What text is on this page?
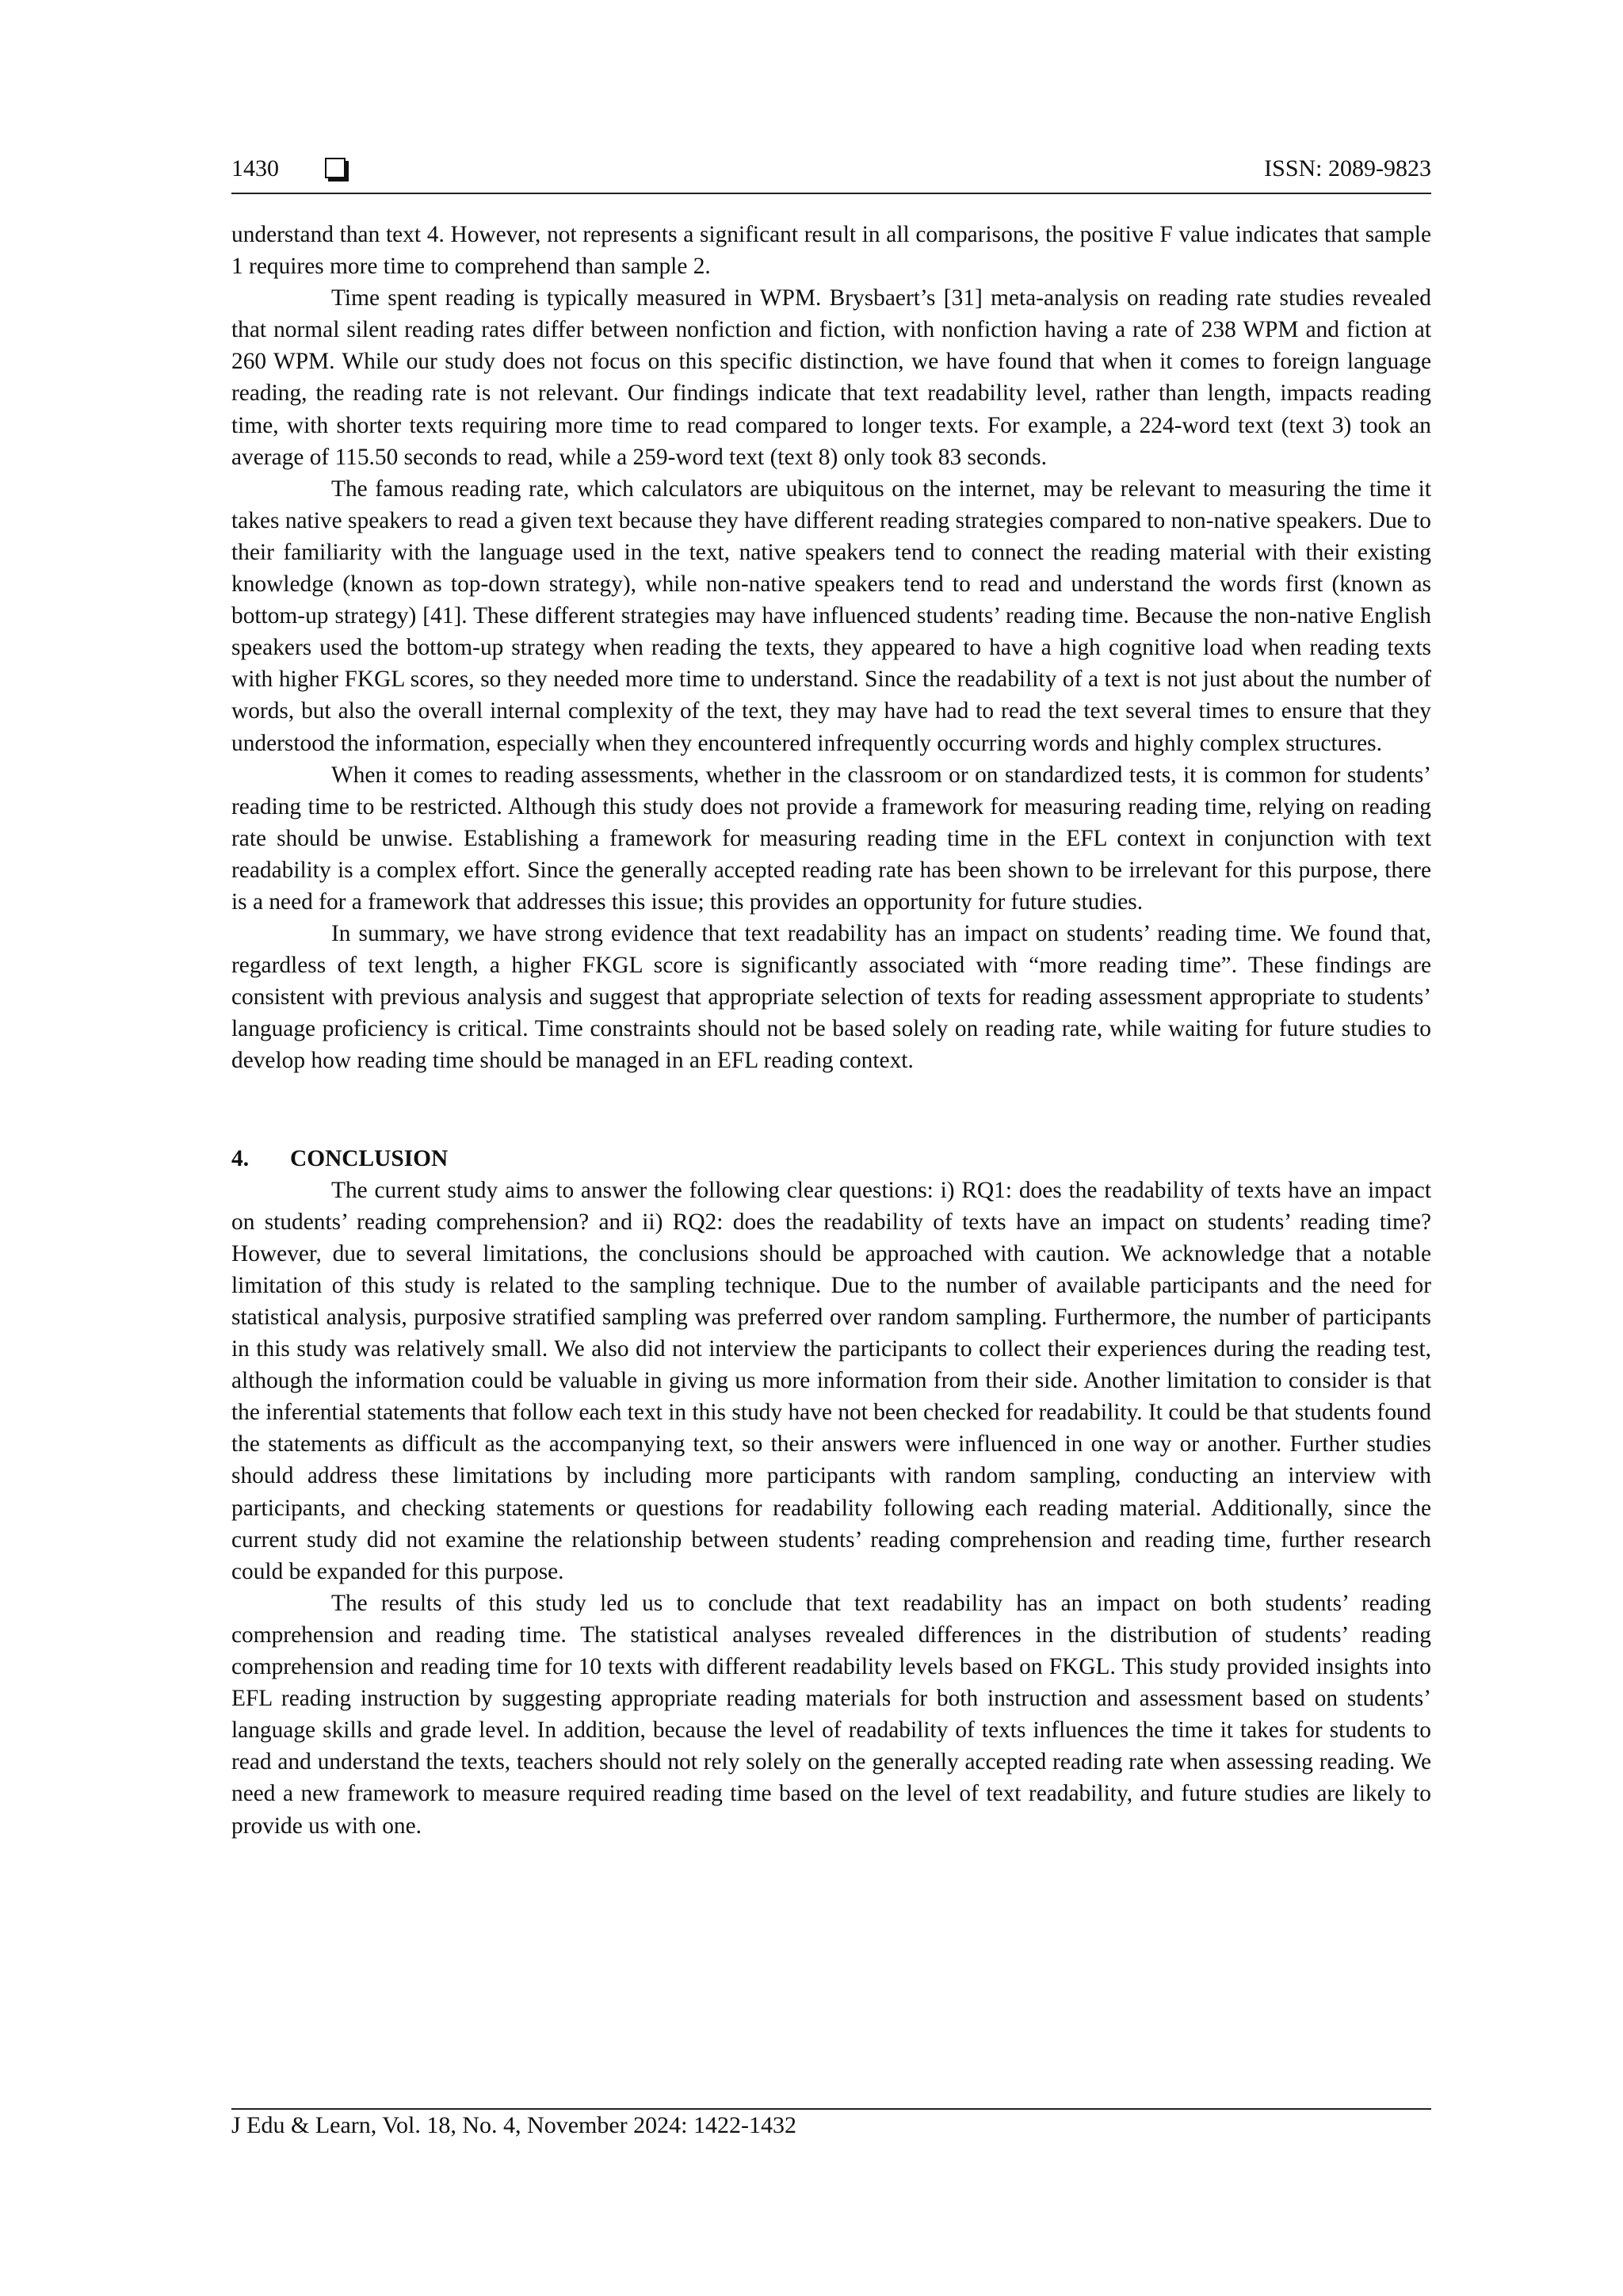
1430	ISSN: 2089-9823

understand than text 4. However, not represents a significant result in all comparisons, the positive F value indicates that sample 1 requires more time to comprehend than sample 2.

Time spent reading is typically measured in WPM. Brysbaert’s [31] meta-analysis on reading rate studies revealed that normal silent reading rates differ between nonfiction and fiction, with nonfiction having a rate of 238 WPM and fiction at 260 WPM. While our study does not focus on this specific distinction, we have found that when it comes to foreign language reading, the reading rate is not relevant. Our findings indicate that text readability level, rather than length, impacts reading time, with shorter texts requiring more time to read compared to longer texts. For example, a 224-word text (text 3) took an average of 115.50 seconds to read, while a 259-word text (text 8) only took 83 seconds.

The famous reading rate, which calculators are ubiquitous on the internet, may be relevant to measuring the time it takes native speakers to read a given text because they have different reading strategies compared to non-native speakers. Due to their familiarity with the language used in the text, native speakers tend to connect the reading material with their existing knowledge (known as top-down strategy), while non-native speakers tend to read and understand the words first (known as bottom-up strategy) [41]. These different strategies may have influenced students’ reading time. Because the non-native English speakers used the bottom-up strategy when reading the texts, they appeared to have a high cognitive load when reading texts with higher FKGL scores, so they needed more time to understand. Since the readability of a text is not just about the number of words, but also the overall internal complexity of the text, they may have had to read the text several times to ensure that they understood the information, especially when they encountered infrequently occurring words and highly complex structures.

When it comes to reading assessments, whether in the classroom or on standardized tests, it is common for students’ reading time to be restricted. Although this study does not provide a framework for measuring reading time, relying on reading rate should be unwise. Establishing a framework for measuring reading time in the EFL context in conjunction with text readability is a complex effort. Since the generally accepted reading rate has been shown to be irrelevant for this purpose, there is a need for a framework that addresses this issue; this provides an opportunity for future studies.

In summary, we have strong evidence that text readability has an impact on students’ reading time. We found that, regardless of text length, a higher FKGL score is significantly associated with “more reading time”. These findings are consistent with previous analysis and suggest that appropriate selection of texts for reading assessment appropriate to students’ language proficiency is critical. Time constraints should not be based solely on reading rate, while waiting for future studies to develop how reading time should be managed in an EFL reading context.

4. CONCLUSION

The current study aims to answer the following clear questions: i) RQ1: does the readability of texts have an impact on students’ reading comprehension? and ii) RQ2: does the readability of texts have an impact on students’ reading time? However, due to several limitations, the conclusions should be approached with caution. We acknowledge that a notable limitation of this study is related to the sampling technique. Due to the number of available participants and the need for statistical analysis, purposive stratified sampling was preferred over random sampling. Furthermore, the number of participants in this study was relatively small. We also did not interview the participants to collect their experiences during the reading test, although the information could be valuable in giving us more information from their side. Another limitation to consider is that the inferential statements that follow each text in this study have not been checked for readability. It could be that students found the statements as difficult as the accompanying text, so their answers were influenced in one way or another. Further studies should address these limitations by including more participants with random sampling, conducting an interview with participants, and checking statements or questions for readability following each reading material. Additionally, since the current study did not examine the relationship between students’ reading comprehension and reading time, further research could be expanded for this purpose.

The results of this study led us to conclude that text readability has an impact on both students’ reading comprehension and reading time. The statistical analyses revealed differences in the distribution of students’ reading comprehension and reading time for 10 texts with different readability levels based on FKGL. This study provided insights into EFL reading instruction by suggesting appropriate reading materials for both instruction and assessment based on students’ language skills and grade level. In addition, because the level of readability of texts influences the time it takes for students to read and understand the texts, teachers should not rely solely on the generally accepted reading rate when assessing reading. We need a new framework to measure required reading time based on the level of text readability, and future studies are likely to provide us with one.

J Edu & Learn, Vol. 18, No. 4, November 2024: 1422-1432
